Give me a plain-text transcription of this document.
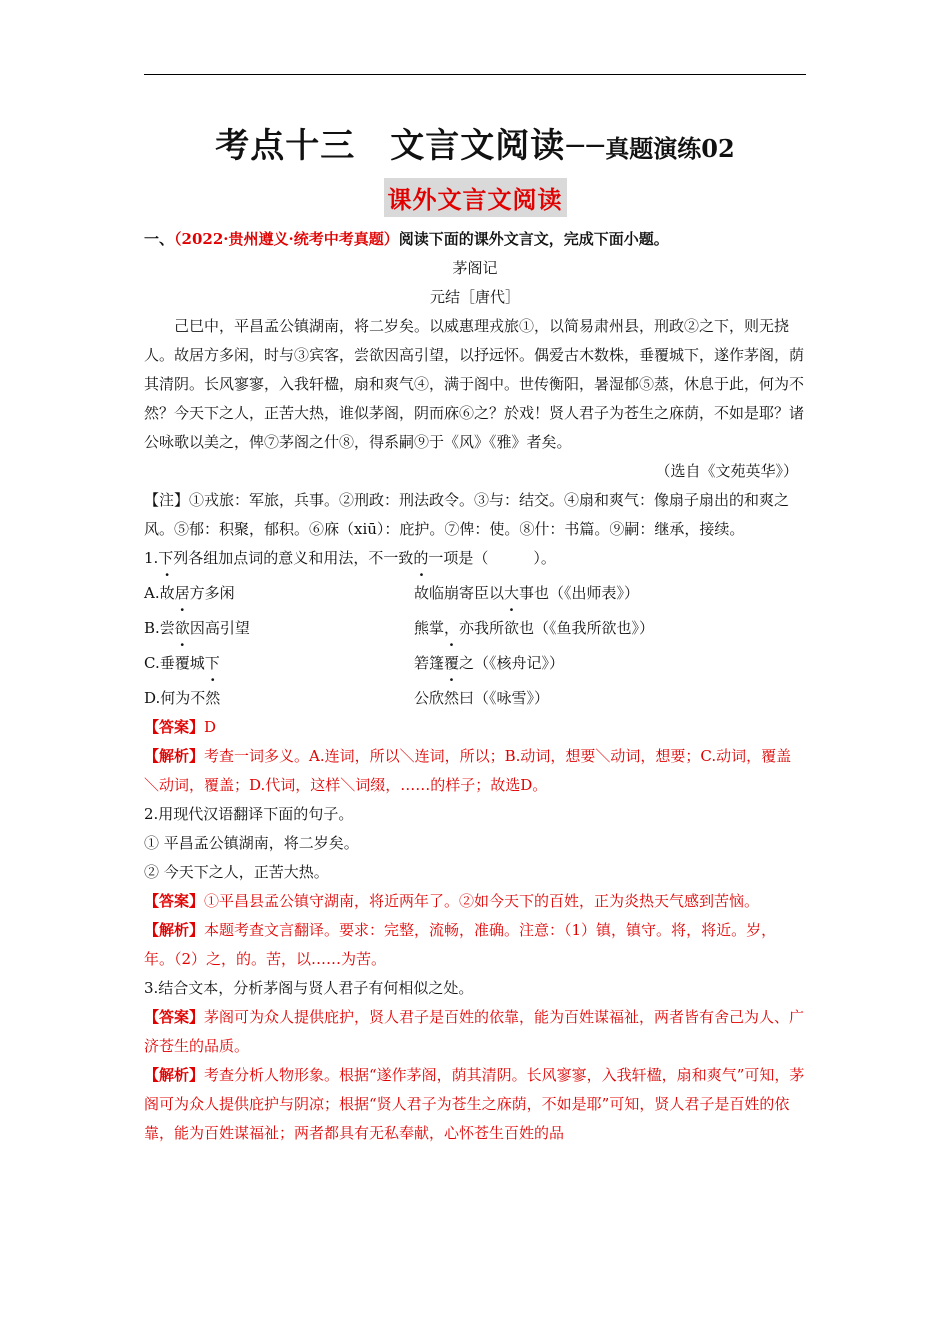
考点十三　文言文阅读——真题演练02
课外文言文阅读

一、（2022·贵州遵义·统考中考真题）阅读下面的课外文言文，完成下面小题。

茅阁记

元结［唐代］

己巳中，平昌孟公镇湖南，将二岁矣。以威惠理戎旅①，以简易肃州县，刑政②之下，则无挠人。故居方多闲，时与③宾客，尝欲因高引望，以抒远怀。偶爱古木数株，垂覆城下，遂作茅阁，荫其清阴。长风寥寥，入我轩楹，扇和爽气④，满于阁中。世传衡阳，暑湿郁⑤蒸，休息于此，何为不然？今天下之人，正苦大热，谁似茅阁，阴而庥⑥之？於戏！贤人君子为苍生之庥荫，不如是耶？诸公咏歌以美之，俾⑦茅阁之什⑧，得系嗣⑨于《风》《雅》者矣。

（选自《文苑英华》）

【注】①戎旅：军旅，兵事。②刑政：刑法政令。③与：结交。④扇和爽气：像扇子扇出的和爽之风。⑤郁：积聚，郁积。⑥庥（xiū）：庇护。⑦俾：使。⑧什：书篇。⑨嗣：继承，接续。

1.下列各组加点词的意义和用法，不一致的一项是（　　　）。

A.故居方多闲	故临崩寄臣以大事也（《出师表》）
B.尝欲因高引望	熊掌，亦我所欲也（《鱼我所欲也》）
C.垂覆城下	箬篷覆之（《核舟记》）
D.何为不然	公欣然曰（《咏雪》）

【答案】D

【解析】考查一词多义。A.连词，所以＼连词，所以；B.动词，想要＼动词，想要；C.动词，覆盖＼动词，覆盖；D.代词，这样＼词缀，……的样子；故选D。

2.用现代汉语翻译下面的句子。

① 平昌孟公镇湖南，将二岁矣。

② 今天下之人，正苦大热。

【答案】①平昌县孟公镇守湖南，将近两年了。②如今天下的百姓，正为炎热天气感到苦恼。

【解析】本题考查文言翻译。要求：完整，流畅，准确。注意：（1）镇，镇守。将，将近。岁，年。（2）之，的。苦，以……为苦。

3.结合文本，分析茅阁与贤人君子有何相似之处。

【答案】茅阁可为众人提供庇护，贤人君子是百姓的依靠，能为百姓谋福祉，两者皆有舍己为人、广济苍生的品质。

【解析】考查分析人物形象。根据“遂作茅阁，荫其清阴。长风寥寥，入我轩楹，扇和爽气”可知，茅阁可为众人提供庇护与阴凉；根据“贤人君子为苍生之庥荫，不如是耶”可知，贤人君子是百姓的依靠，能为百姓谋福祉；两者都具有无私奉献，心怀苍生百姓的品
